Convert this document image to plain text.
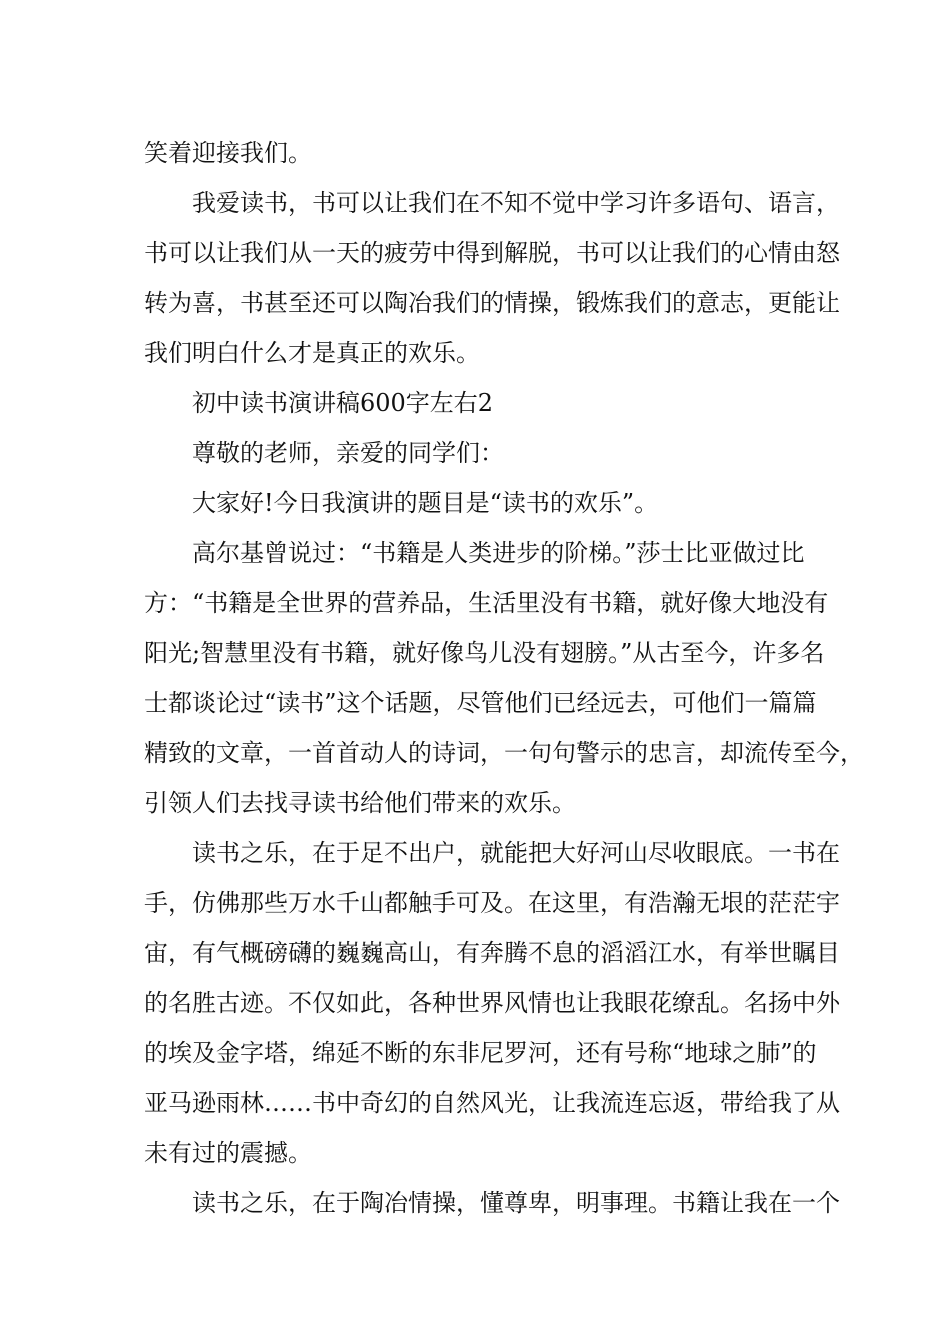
笑着迎接我们。
我爱读书，书可以让我们在不知不觉中学习许多语句、语言，
书可以让我们从一天的疲劳中得到解脱，书可以让我们的心情由怒
转为喜，书甚至还可以陶冶我们的情操，锻炼我们的意志，更能让
我们明白什么才是真正的欢乐。
初中读书演讲稿600字左右2
尊敬的老师，亲爱的同学们：
大家好!今日我演讲的题目是“读书的欢乐”。
高尔基曾说过：“书籍是人类进步的阶梯。”莎士比亚做过比
方：“书籍是全世界的营养品，生活里没有书籍，就好像大地没有
阳光;智慧里没有书籍，就好像鸟儿没有翅膀。”从古至今，许多名
士都谈论过“读书”这个话题，尽管他们已经远去，可他们一篇篇
精致的文章，一首首动人的诗词，一句句警示的忠言，却流传至今，
引领人们去找寻读书给他们带来的欢乐。
读书之乐，在于足不出户，就能把大好河山尽收眼底。一书在
手，仿佛那些万水千山都触手可及。在这里，有浩瀚无垠的茫茫宇
宙，有气概磅礴的巍巍高山，有奔腾不息的滔滔江水，有举世瞩目
的名胜古迹。不仅如此，各种世界风情也让我眼花缭乱。名扬中外
的埃及金字塔，绵延不断的东非尼罗河，还有号称“地球之肺”的
亚马逊雨林……书中奇幻的自然风光，让我流连忘返，带给我了从
未有过的震撼。
读书之乐，在于陶冶情操，懂尊卑，明事理。书籍让我在一个
